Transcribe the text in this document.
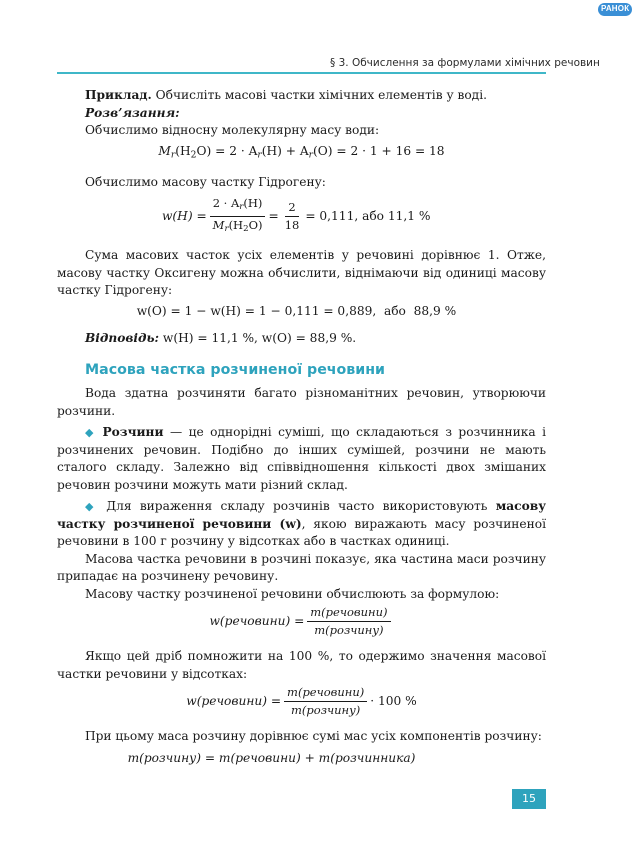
РАНОК
§ 3. Обчислення за формулами хімічних речовин

Приклад. Обчисліть масові частки хімічних елементів у воді.

Розв’язання:

Обчислимо відносну молекулярну масу води:

$M_r(H_2O) = 2 \cdot A_r(H) + A_r(O) = 2 \cdot 1 + 16 = 18$

Обчислимо масову частку Гідрогену:

$w(H) = \frac{2 \cdot A_r(H)}{M_r(H_2O)} = \frac{2}{18} = 0,111$,
або
11,1 %

Сума масових часток усіх елементів у речовині дорівнює 1. Отже, масову частку Оксигену можна обчислити, віднімаючи від одиниці масову частку Гідрогену:

w(O) = 1 − w(H) = 1 − 0,111 = 0,889, або 88,9 %

Відповідь: w(H) = 11,1 %, w(O) = 88,9 %.

Масова частка розчиненої речовини

Вода здатна розчиняти багато різноманітних речовин, утворюючи розчини.

◆ Розчини — це однорідні суміші, що складаються з розчинника і розчинених речовин. Подібно до інших сумішей, розчини не мають сталого складу. Залежно від співвідношення кількості двох змішаних речовин розчини можуть мати різний склад.

◆ Для вираження складу розчинів часто використовують масову частку розчиненої речовини (w), якою виражають масу розчиненої речовини в 100 г розчину у відсотках або в частках одиниці.

Масова частка речовини в розчині показує, яка частина маси розчину припадає на розчинену речовину.

Масову частку розчиненої речовини обчислюють за формулою:

w(речовини) = $\frac{\text{m(речовини)}}{\text{m(розчину)}}$

Якщо цей дріб помножити на 100 %, то одержимо значення масової частки речовини у відсотках:

w(речовини) = $\frac{\text{m(речовини)}}{\text{m(розчину)}} \cdot 100$ %

При цьому маса розчину дорівнює сумі мас усіх компонентів розчину:

m(розчину) = m(речовини) + m(розчинника)
15
